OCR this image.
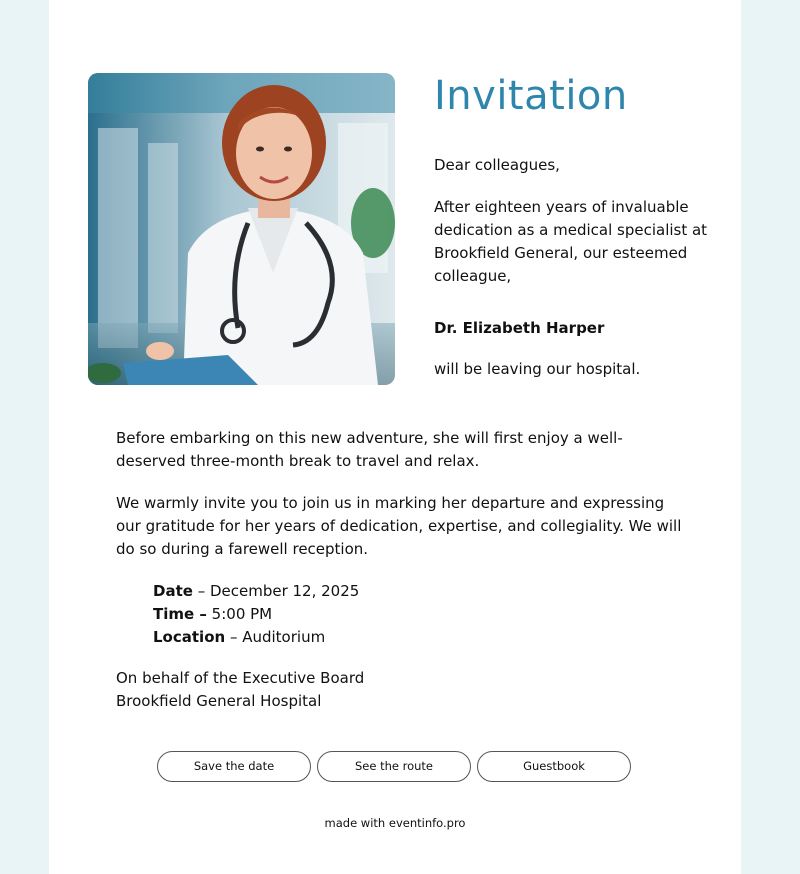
Invitation
Dear colleagues,
After eighteen years of invaluable dedication as a medical specialist at Brookfield General, our esteemed colleague,
Dr. Elizabeth Harper
will be leaving our hospital.
Before embarking on this new adventure, she will first enjoy a well-deserved three-month break to travel and relax.
We warmly invite you to join us in marking her departure and expressing our gratitude for her years of dedication, expertise, and collegiality. We will do so during a farewell reception.
Date – December 12, 2025
Time – 5:00 PM
Location – Auditorium
On behalf of the Executive Board
Brookfield General Hospital
Save the date	See the route	Guestbook
made with eventinfo.pro
